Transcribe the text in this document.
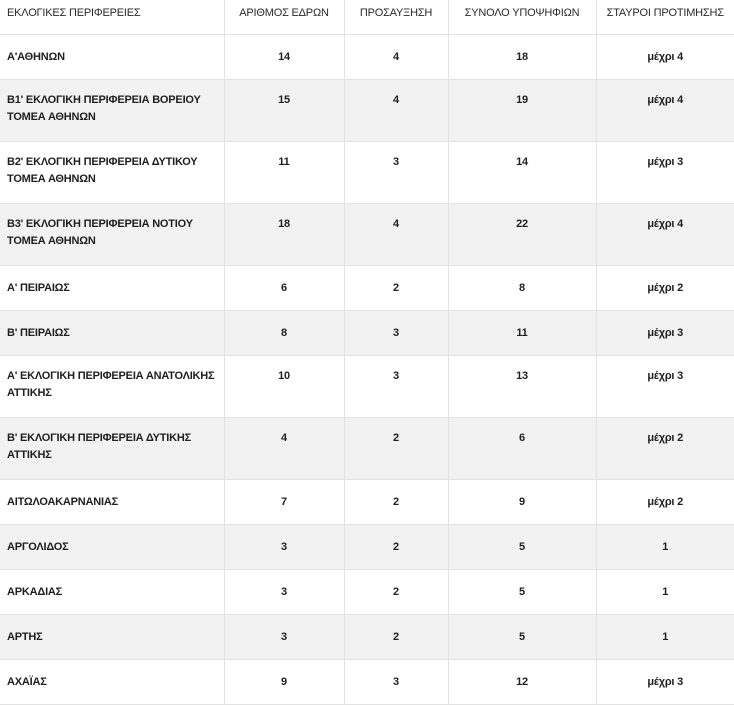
ΕΚΛΟΓΙΚΕΣ ΠΕΡΙΦΕΡΕΙΕΣ	ΑΡΙΘΜΟΣ ΕΔΡΩΝ	ΠΡΟΣΑΥΞΗΣΗ	ΣΥΝΟΛΟ ΥΠΟΨΗΦΙΩΝ	ΣΤΑΥΡΟΙ ΠΡΟΤΙΜΗΣΗΣ

Α'ΑΘΗΝΩΝ	14	4	18	μέχρι 4

Β1' ΕΚΛΟΓΙΚΗ ΠΕΡΙΦΕΡΕΙΑ ΒΟΡΕΙΟΥ
ΤΟΜΕΑ ΑΘΗΝΩΝ	15	4	19	μέχρι 4

Β2' ΕΚΛΟΓΙΚΗ ΠΕΡΙΦΕΡΕΙΑ ΔΥΤΙΚΟΥ
ΤΟΜΕΑ ΑΘΗΝΩΝ	11	3	14	μέχρι 3

Β3' ΕΚΛΟΓΙΚΗ ΠΕΡΙΦΕΡΕΙΑ ΝΟΤΙΟΥ
ΤΟΜΕΑ ΑΘΗΝΩΝ	18	4	22	μέχρι 4

Α' ΠΕΙΡΑΙΩΣ	6	2	8	μέχρι 2

Β' ΠΕΙΡΑΙΩΣ	8	3	11	μέχρι 3

Α' ΕΚΛΟΓΙΚΗ ΠΕΡΙΦΕΡΕΙΑ ΑΝΑΤΟΛΙΚΗΣ
ΑΤΤΙΚΗΣ	10	3	13	μέχρι 3

Β' ΕΚΛΟΓΙΚΗ ΠΕΡΙΦΕΡΕΙΑ ΔΥΤΙΚΗΣ
ΑΤΤΙΚΗΣ	4	2	6	μέχρι 2

ΑΙΤΩΛΟΑΚΑΡΝΑΝΙΑΣ	7	2	9	μέχρι 2

ΑΡΓΟΛΙΔΟΣ	3	2	5	1

ΑΡΚΑΔΙΑΣ	3	2	5	1

ΑΡΤΗΣ	3	2	5	1

ΑΧΑΪΑΣ	9	3	12	μέχρι 3
